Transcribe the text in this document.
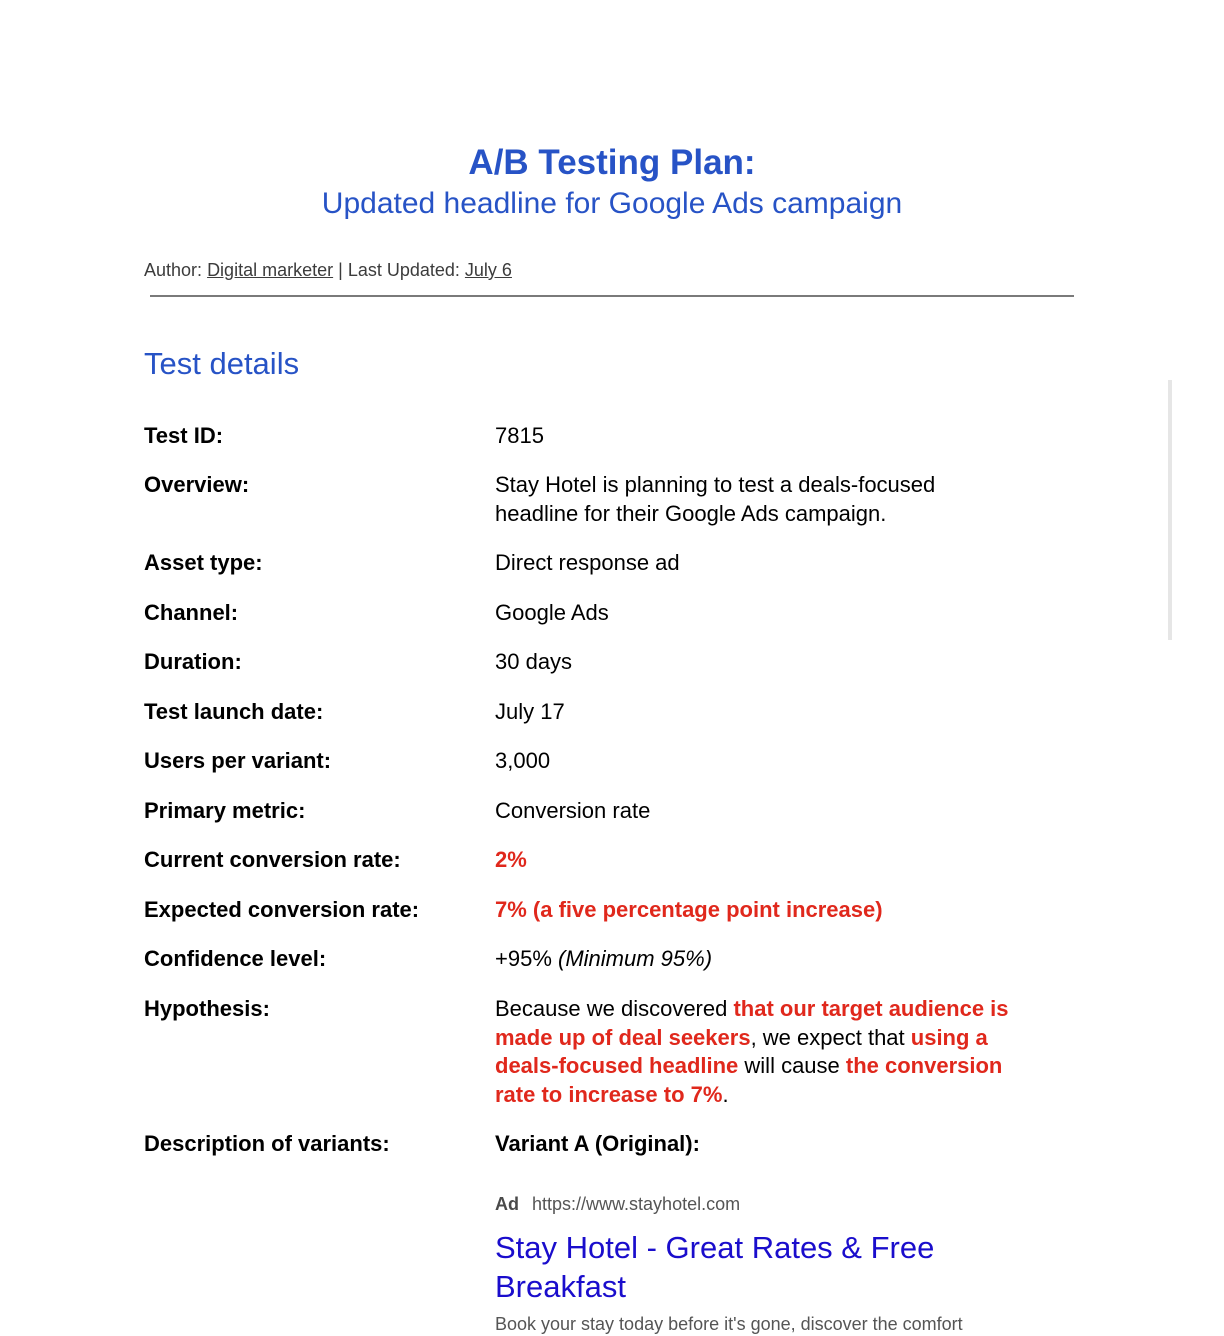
A/B Testing Plan:
Updated headline for Google Ads campaign
Author: Digital marketer | Last Updated: July 6
Test details
Test ID:	7815
Overview:	Stay Hotel is planning to test a deals-focused headline for their Google Ads campaign.
Asset type:	Direct response ad
Channel:	Google Ads
Duration:	30 days
Test launch date:	July 17
Users per variant:	3,000
Primary metric:	Conversion rate
Current conversion rate:	2%
Expected conversion rate:	7% (a five percentage point increase)
Confidence level:	+95% (Minimum 95%)
Hypothesis:	Because we discovered that our target audience is made up of deal seekers, we expect that using a deals-focused headline will cause the conversion rate to increase to 7%.
Description of variants:	Variant A (Original):
Ad https://www.stayhotel.com
Stay Hotel - Great Rates & Free Breakfast
Book your stay today before it's gone, discover the comfort
